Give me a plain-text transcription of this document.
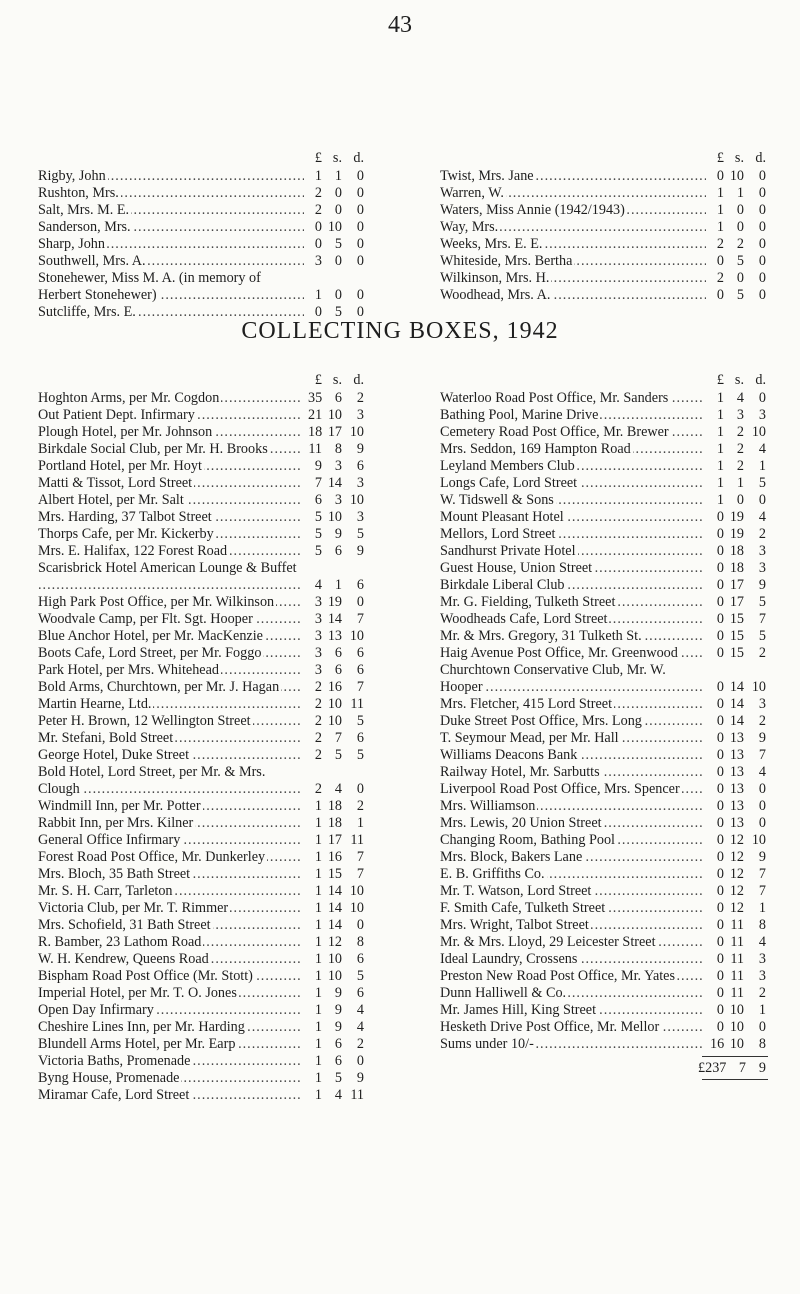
43
£ s. d.
Rigby, John .....	1 1	0
Rushton, Mrs. .....	2 0	0
Salt, Mrs. M. E. .....	2 0	0
Sanderson, Mrs. .....	0 10	0
Sharp, John .....	0 5	0
Southwell, Mrs. A. .....	3 0	0
Stonehewer, Miss M. A. (in memory of Herbert Stonehewer) .....	1 0	0
Sutcliffe, Mrs. E. .....	0 5	0
£ s. d.
Twist, Mrs. Jane .....	0 10	0
Warren, W. .....	1 1	0
Waters, Miss Annie (1942/1943) .....	1 0	0
Way, Mrs. .....	1 0	0
Weeks, Mrs. E. E. .....	2 2	0
Whiteside, Mrs. Bertha .....	0 5	0
Wilkinson, Mrs. H. .....	2 0	0
Woodhead, Mrs. A. .....	0 5	0
COLLECTING BOXES, 1942
£ s. d.
Hoghton Arms, per Mr. Cogdon .....	35 6	2
Out Patient Dept. Infirmary .....	21 10	3
Plough Hotel, per Mr. Johnson .....	18 17 10
Birkdale Social Club, per Mr. H. Brooks .....	11 8	9
Portland Hotel, per Mr. Hoyt .....	9 3	6
Matti & Tissot, Lord Street .....	7 14	3
Albert Hotel, per Mr. Salt .....	6 3 10
Mrs. Harding, 37 Talbot Street .....	5 10	3
Thorps Cafe, per Mr. Kickerby .....	5 9	5
Mrs. E. Halifax, 122 Forest Road .....	5 6	9
Scarisbrick Hotel American Lounge & Buffet .....
4 1	6
High Park Post Office, per Mr. Wilkinson .....	3 19	0
Woodvale Camp, per Flt. Sgt. Hooper .....	3 14	7
Blue Anchor Hotel, per Mr. MacKenzie .....	3 13 10
Boots Cafe, Lord Street, per Mr. Foggo .....	3 6	6
Park Hotel, per Mrs. Whitehead .....	3 6	6
Bold Arms, Churchtown, per Mr. J. Hagan .....	2 16	7
Martin Hearne, Ltd. .....	2 10 11
Peter H. Brown, 12 Wellington Street .....	2 10	5
Mr. Stefani, Bold Street .....	2 7	6
George Hotel, Duke Street .....	2 5	5
Bold Hotel, Lord Street, per Mr. & Mrs. Clough .....	2 4	0
Windmill Inn, per Mr. Potter .....	1 18	2
Rabbit Inn, per Mrs. Kilner .....	1 18	1
General Office Infirmary .....	1 17 11
Forest Road Post Office, Mr. Dunkerley .....	1 16	7
Mrs. Bloch, 35 Bath Street .....	1 15	7
Mr. S. H. Carr, Tarleton .....	1 14 10
Victoria Club, per Mr. T. Rimmer .....	1 14 10
Mrs. Schofield, 31 Bath Street .....	1 14	0
R. Bamber, 23 Lathom Road .....	1 12	8
W. H. Kendrew, Queens Road .....	1 10	6
Bispham Road Post Office (Mr. Stott) .....	1 10	5
Imperial Hotel, per Mr. T. O. Jones .....	1 9	6
Open Day Infirmary .....	1 9	4
Cheshire Lines Inn, per Mr. Harding .....	1 9	4
Blundell Arms Hotel, per Mr. Earp .....	1 6	2
Victoria Baths, Promenade .....	1 6	0
Byng House, Promenade .....	1 5	9
Miramar Cafe, Lord Street .....	1 4 11
£ s. d.
Waterloo Road Post Office, Mr. Sanders .....	1 4	0
Bathing Pool, Marine Drive .....	1 3	3
Cemetery Road Post Office, Mr. Brewer .....	1 2 10
Mrs. Seddon, 169 Hampton Road .....	1 2	4
Leyland Members Club .....	1 2	1
Longs Cafe, Lord Street .....	1 1	5
W. Tidswell & Sons .....	1 0	0
Mount Pleasant Hotel .....	0 19	4
Mellors, Lord Street .....	0 19	2
Sandhurst Private Hotel .....	0 18	3
Guest House, Union Street .....	0 18	3
Birkdale Liberal Club .....	0 17	9
Mr. G. Fielding, Tulketh Street .....	0 17	5
Woodheads Cafe, Lord Street .....	0 15	7
Mr. & Mrs. Gregory, 31 Tulketh St. .....	0 15	5
Haig Avenue Post Office, Mr. Greenwood .....	0 15	2
Churchtown Conservative Club, Mr. W. Hooper .....	0 14 10
Mrs. Fletcher, 415 Lord Street .....	0 14	3
Duke Street Post Office, Mrs. Long .....	0 14	2
T. Seymour Mead, per Mr. Hall .....	0 13	9
Williams Deacons Bank .....	0 13	7
Railway Hotel, Mr. Sarbutts .....	0 13	4
Liverpool Road Post Office, Mrs. Spencer .....	0 13	0
Mrs. Williamson .....	0 13	0
Mrs. Lewis, 20 Union Street .....	0 13	0
Changing Room, Bathing Pool .....	0 12 10
Mrs. Block, Bakers Lane .....	0 12	9
E. B. Griffiths Co. .....	0 12	7
Mr. T. Watson, Lord Street .....	0 12	7
F. Smith Cafe, Tulketh Street .....	0 12	1
Mrs. Wright, Talbot Street .....	0 11	8
Mr. & Mrs. Lloyd, 29 Leicester Street .....	0 11	4
Ideal Laundry, Crossens .....	0 11	3
Preston New Road Post Office, Mr. Yates .....	0 11	3
Dunn Halliwell & Co. .....	0 11	2
Mr. James Hill, King Street .....	0 10	1
Hesketh Drive Post Office, Mr. Mellor .....	0 10	0
Sums under 10/- .....	16 10	8
£237 7 9
